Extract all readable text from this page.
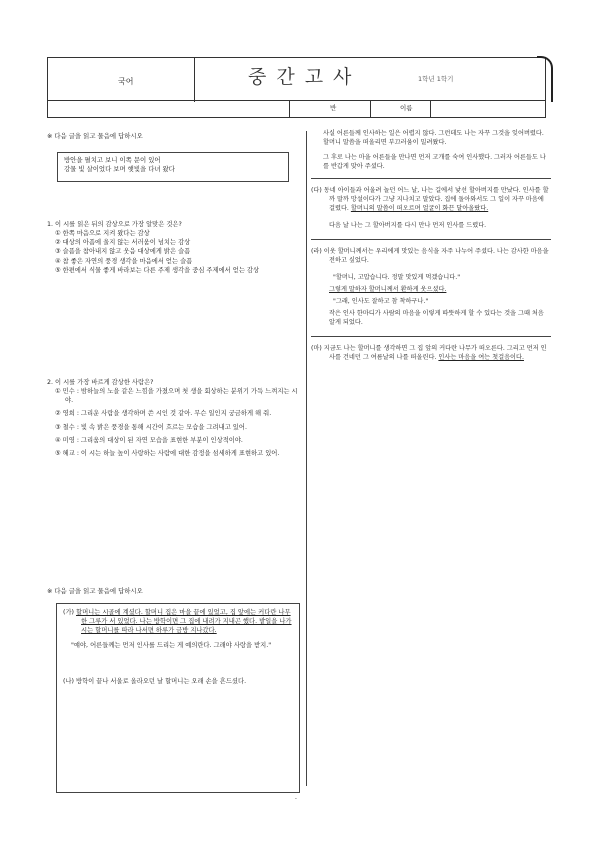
국어	중간고사	1학년 1학기
반	이름
※ 다음 글을 읽고 물음에 답하시오
방안을 펼치고 보니 이쪽 문이 있어
강물 빛 살이었다 보며 햇빛을 다녀 왔다
1. 이 시를 읽은 뒤의 감상으로 가장 알맞은 것은?
① 한쪽 마음으로 지켜 왔다는 감상
② 대상의 아픔에 울지 않는 서러움이 넘치는 감상
③ 슬픔을 참아내지 않고 웃음 대상에게 밝은 슬픔
④ 참 좋은 자연의 풍경 생각을 마음에서 얻는 슬픔
⑤ 한편에서 식물 좋게 바라보는 다른 주제 생각을 중심 주제에서 얻는 감상
2. 이 시를 가장 바르게 감상한 사람은?
① 민수 : 밤하늘의 노을 같은 느낌을 가졌으며 첫 생을 회상하는 분위기 가득 느껴지는 시야.
② 영희 : 그리운 사람을 생각하며 쓴 시인 것 같아. 무슨 일인지 궁금하게 해 줘.
③ 철수 : 빛 속 밝은 풍경을 통해 시간이 흐르는 모습을 그려내고 있어.
④ 미영 : 그리움의 대상이 된 자연 모습을 표현한 부분이 인상적이야.
⑤ 혜교 : 이 시는 하늘 높이 사랑하는 사람에 대한 감정을 섬세하게 표현하고 있어.
※ 다음 글을 읽고 물음에 답하시오
(가) 할머니는 시골에 계셨다. 할머니 집은 마을 끝에 있었고, 집 앞에는 커다란 나무 한 그루가 서 있었다. 나는 방학이면 그 집에 내려가 지내곤 했다. 밭일을 나가시는 할머니를 따라 나서면 하루가 금방 지나갔다.
"얘야, 어른들께는 먼저 인사를 드리는 게 예의란다. 그래야 사랑을 받지."
(나) 방학이 끝나 서울로 올라오던 날 할머니는 오래 손을 흔드셨다.
사실 어른들께 인사하는 일은 어렵지 않다. 그런데도 나는 자꾸 그것을 잊어버렸다. 할머니 말씀을 떠올리면 부끄러움이 밀려왔다.
그 후로 나는 마을 어른들을 만나면 먼저 고개를 숙여 인사했다. 그러자 어른들도 나를 반갑게 맞아 주셨다.
(다) 동네 아이들과 어울려 놀던 어느 날, 나는 길에서 낯선 할아버지를 만났다. 인사를 할까 말까 망설이다가 그냥 지나치고 말았다. 집에 돌아와서도 그 일이 자꾸 마음에 걸렸다. 할머니의 말씀이 떠오르며 얼굴이 화끈 달아올랐다.
다음 날 나는 그 할아버지를 다시 만나 먼저 인사를 드렸다.
(라) 이웃 할머니께서는 우리에게 맛있는 음식을 자주 나누어 주셨다. 나는 감사한 마음을 전하고 싶었다.
"할머니, 고맙습니다. 정말 맛있게 먹겠습니다."
그렇게 말하자 할머니께서 환하게 웃으셨다.
"그래, 인사도 잘하고 참 착하구나."
작은 인사 한마디가 사람의 마음을 이렇게 따뜻하게 할 수 있다는 것을 그때 처음 알게 되었다.
(마) 지금도 나는 할머니를 생각하면 그 집 앞의 커다란 나무가 떠오른다. 그리고 먼저 인사를 건네던 그 여름날의 나를 떠올린다. 인사는 마음을 여는 첫걸음이다.
-
